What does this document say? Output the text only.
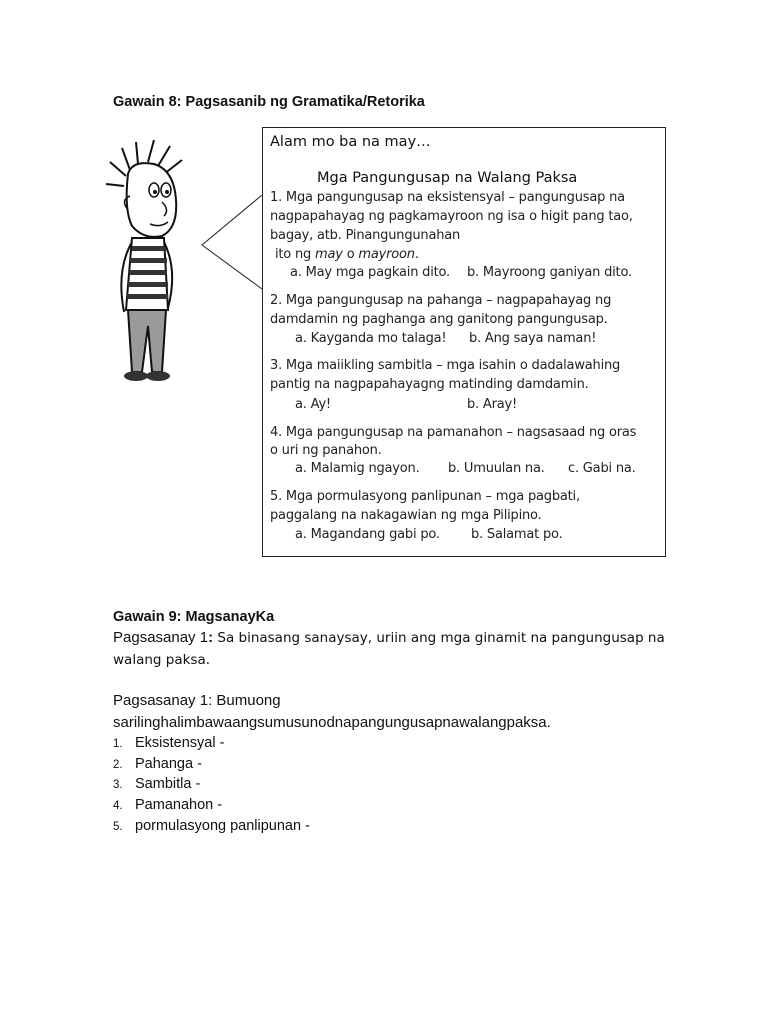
Gawain 8: Pagsasanib ng Gramatika/Retorika
Alam mo ba na may…
Mga Pangungusap na Walang Paksa
1. Mga pangungusap na eksistensyal – pangungusap na
nagpapahayag ng pagkamayroon ng isa o higit pang tao,
bagay, atb. Pinangungunahan
ito ng may o mayroon.
a. May mga pagkain dito. b. Mayroong ganiyan dito.
2. Mga pangungusap na pahanga – nagpapahayag ng
damdamin ng paghanga ang ganitong pangungusap.
a. Kayganda mo talaga! b. Ang saya naman!
3. Mga maiikling sambitla – mga isahin o dadalawahing
pantig na nagpapahayagng matinding damdamin.
a. Ay!	b. Aray!
4. Mga pangungusap na pamanahon – nagsasaad ng oras
o uri ng panahon.
a. Malamig ngayon. b. Umuulan na. c. Gabi na.
5. Mga pormulasyong panlipunan – mga pagbati,
paggalang na nakagawian ng mga Pilipino.
a. Magandang gabi po. b. Salamat po.
Gawain 9: MagsanayKa
Pagsasanay 1: Sa binasang sanaysay, uriin ang mga ginamit na pangungusap na
walang paksa.
Pagsasanay 1: Bumuong
sarilinghalimbawaangsumusunodnapangungusapnawalangpaksa.
1. Eksistensyal -
2. Pahanga -
3. Sambitla -
4. Pamanahon -
5. pormulasyong panlipunan -
